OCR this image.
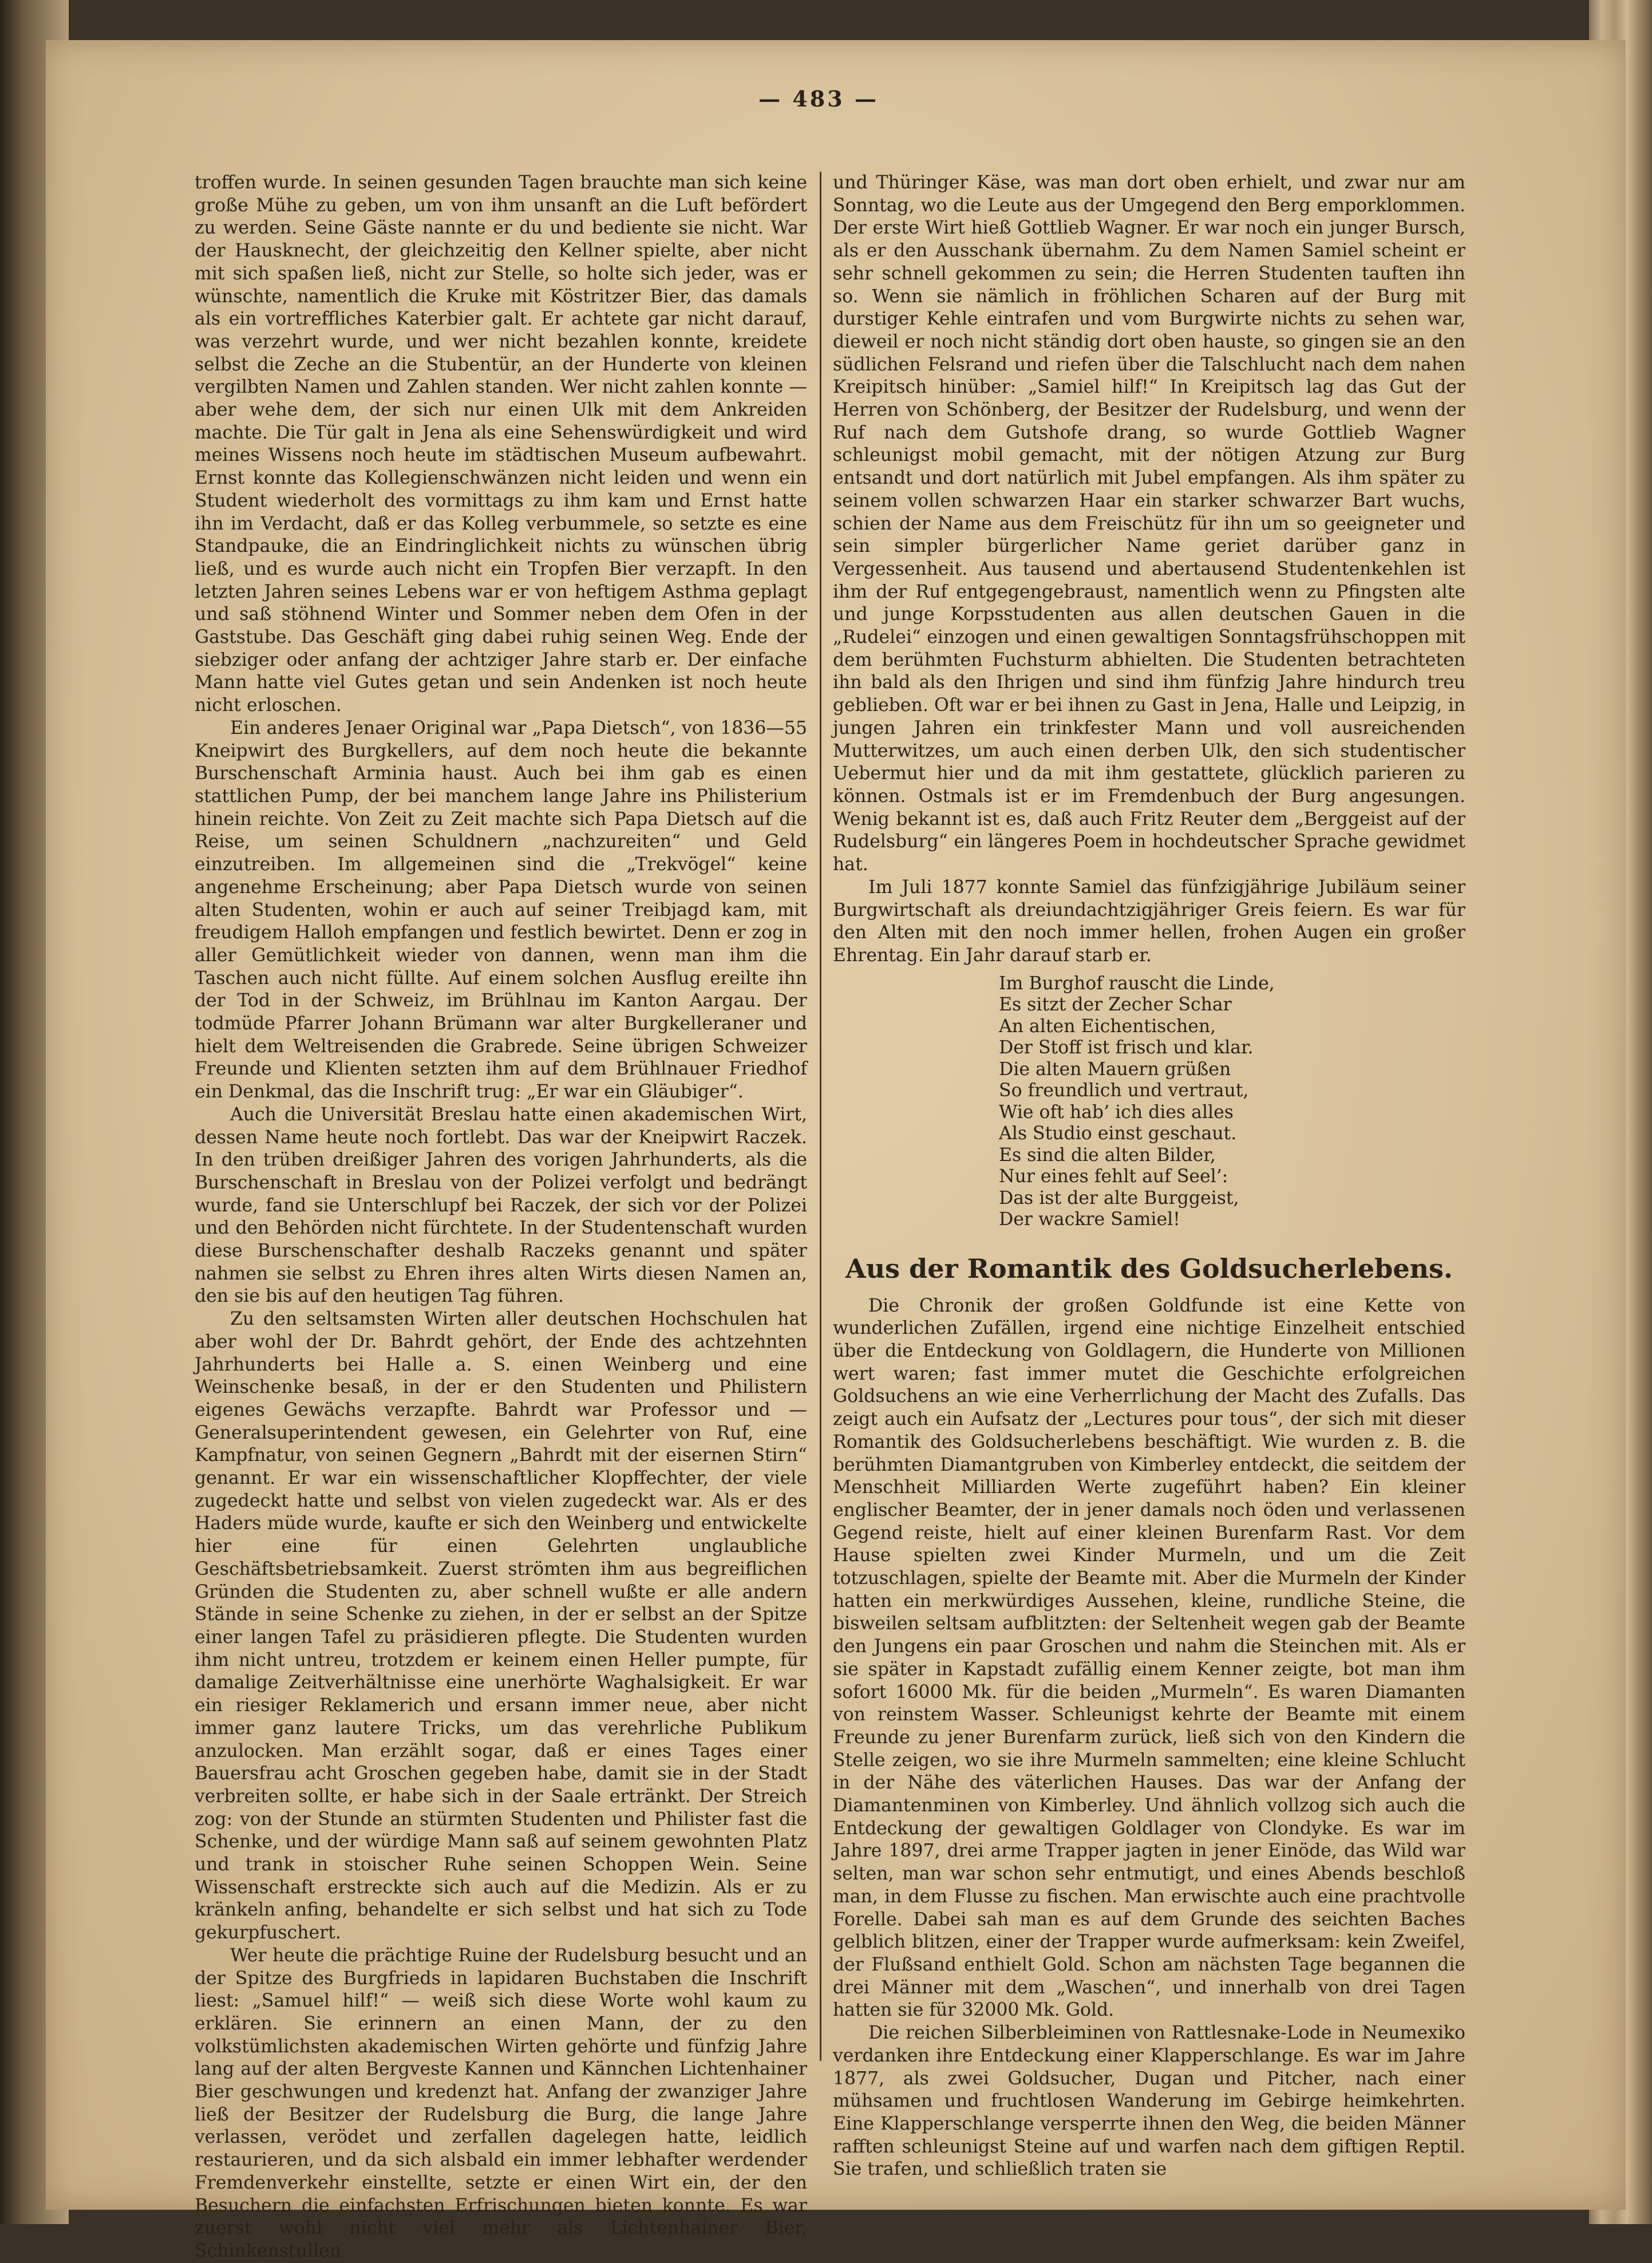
— 483 —

troffen wurde. In seinen gesunden Tagen brauchte man sich keine große Mühe zu geben, um von ihm unsanft an die Luft befördert zu werden. Seine Gäste nannte er du und bediente sie nicht. War der Hausknecht, der gleichzeitig den Kellner spielte, aber nicht mit sich spaßen ließ, nicht zur Stelle, so holte sich jeder, was er wünschte, namentlich die Kruke mit Köstritzer Bier, das damals als ein vortreffliches Katerbier galt. Er achtete gar nicht darauf, was verzehrt wurde, und wer nicht bezahlen konnte, kreidete selbst die Zeche an die Stubentür, an der Hunderte von kleinen vergilbten Namen und Zahlen standen. Wer nicht zahlen konnte — aber wehe dem, der sich nur einen Ulk mit dem Ankreiden machte. Die Tür galt in Jena als eine Sehenswürdigkeit und wird meines Wissens noch heute im städtischen Museum aufbewahrt. Ernst konnte das Kollegienschwänzen nicht leiden und wenn ein Student wiederholt des vormittags zu ihm kam und Ernst hatte ihn im Verdacht, daß er das Kolleg verbummele, so setzte es eine Standpauke, die an Eindringlichkeit nichts zu wünschen übrig ließ, und es wurde auch nicht ein Tropfen Bier verzapft. In den letzten Jahren seines Lebens war er von heftigem Asthma geplagt und saß stöhnend Winter und Sommer neben dem Ofen in der Gaststube. Das Geschäft ging dabei ruhig seinen Weg. Ende der siebziger oder anfang der achtziger Jahre starb er. Der einfache Mann hatte viel Gutes getan und sein Andenken ist noch heute nicht erloschen.

Ein anderes Jenaer Original war „Papa Dietsch“, von 1836—55 Kneipwirt des Burgkellers, auf dem noch heute die bekannte Burschenschaft Arminia haust. Auch bei ihm gab es einen stattlichen Pump, der bei manchem lange Jahre ins Philisterium hinein reichte. Von Zeit zu Zeit machte sich Papa Dietsch auf die Reise, um seinen Schuldnern „nachzureiten“ und Geld einzutreiben. Im allgemeinen sind die „Trekvögel“ keine angenehme Erscheinung; aber Papa Dietsch wurde von seinen alten Studenten, wohin er auch auf seiner Treibjagd kam, mit freudigem Halloh empfangen und festlich bewirtet. Denn er zog in aller Gemütlichkeit wieder von dannen, wenn man ihm die Taschen auch nicht füllte. Auf einem solchen Ausflug ereilte ihn der Tod in der Schweiz, im Brühlnau im Kanton Aargau. Der todmüde Pfarrer Johann Brümann war alter Burgkelleraner und hielt dem Weltreisenden die Grabrede. Seine übrigen Schweizer Freunde und Klienten setzten ihm auf dem Brühlnauer Friedhof ein Denkmal, das die Inschrift trug: „Er war ein Gläubiger“.

Auch die Universität Breslau hatte einen akademischen Wirt, dessen Name heute noch fortlebt. Das war der Kneipwirt Raczek. In den trüben dreißiger Jahren des vorigen Jahrhunderts, als die Burschenschaft in Breslau von der Polizei verfolgt und bedrängt wurde, fand sie Unterschlupf bei Raczek, der sich vor der Polizei und den Behörden nicht fürchtete. In der Studentenschaft wurden diese Burschenschafter deshalb Raczeks genannt und später nahmen sie selbst zu Ehren ihres alten Wirts diesen Namen an, den sie bis auf den heutigen Tag führen.

Zu den seltsamsten Wirten aller deutschen Hochschulen hat aber wohl der Dr. Bahrdt gehört, der Ende des achtzehnten Jahrhunderts bei Halle a. S. einen Weinberg und eine Weinschenke besaß, in der er den Studenten und Philistern eigenes Gewächs verzapfte. Bahrdt war Professor und — Generalsuperintendent gewesen, ein Gelehrter von Ruf, eine Kampfnatur, von seinen Gegnern „Bahrdt mit der eisernen Stirn“ genannt. Er war ein wissenschaftlicher Klopffechter, der viele zugedeckt hatte und selbst von vielen zugedeckt war. Als er des Haders müde wurde, kaufte er sich den Weinberg und entwickelte hier eine für einen Gelehrten unglaubliche Geschäftsbetriebsamkeit. Zuerst strömten ihm aus begreiflichen Gründen die Studenten zu, aber schnell wußte er alle andern Stände in seine Schenke zu ziehen, in der er selbst an der Spitze einer langen Tafel zu präsidieren pflegte. Die Studenten wurden ihm nicht untreu, trotzdem er keinem einen Heller pumpte, für damalige Zeitverhältnisse eine unerhörte Waghalsigkeit. Er war ein riesiger Reklamerich und ersann immer neue, aber nicht immer ganz lautere Tricks, um das verehrliche Publikum anzulocken. Man erzählt sogar, daß er eines Tages einer Bauersfrau acht Groschen gegeben habe, damit sie in der Stadt verbreiten sollte, er habe sich in der Saale ertränkt. Der Streich zog: von der Stunde an stürmten Studenten und Philister fast die Schenke, und der würdige Mann saß auf seinem gewohnten Platz und trank in stoischer Ruhe seinen Schoppen Wein. Seine Wissenschaft erstreckte sich auch auf die Medizin. Als er zu kränkeln anfing, behandelte er sich selbst und hat sich zu Tode gekurpfuschert.

Wer heute die prächtige Ruine der Rudelsburg besucht und an der Spitze des Burgfrieds in lapidaren Buchstaben die Inschrift liest: „Samuel hilf!“ — weiß sich diese Worte wohl kaum zu erklären. Sie erinnern an einen Mann, der zu den volkstümlichsten akademischen Wirten gehörte und fünfzig Jahre lang auf der alten Bergveste Kannen und Kännchen Lichtenhainer Bier geschwungen und kredenzt hat. Anfang der zwanziger Jahre ließ der Besitzer der Rudelsburg die Burg, die lange Jahre verlassen, verödet und zerfallen dagelegen hatte, leidlich restaurieren, und da sich alsbald ein immer lebhafter werdender Fremdenverkehr einstellte, setzte er einen Wirt ein, der den Besuchern die einfachsten Erfrischungen bieten konnte. Es war zuerst wohl nicht viel mehr als Lichtenhainer Bier, Schinkenstullen

und Thüringer Käse, was man dort oben erhielt, und zwar nur am Sonntag, wo die Leute aus der Umgegend den Berg emporklommen. Der erste Wirt hieß Gottlieb Wagner. Er war noch ein junger Bursch, als er den Ausschank übernahm. Zu dem Namen Samiel scheint er sehr schnell gekommen zu sein; die Herren Studenten tauften ihn so. Wenn sie nämlich in fröhlichen Scharen auf der Burg mit durstiger Kehle eintrafen und vom Burgwirte nichts zu sehen war, dieweil er noch nicht ständig dort oben hauste, so gingen sie an den südlichen Felsrand und riefen über die Talschlucht nach dem nahen Kreipitsch hinüber: „Samiel hilf!“ In Kreipitsch lag das Gut der Herren von Schönberg, der Besitzer der Rudelsburg, und wenn der Ruf nach dem Gutshofe drang, so wurde Gottlieb Wagner schleunigst mobil gemacht, mit der nötigen Atzung zur Burg entsandt und dort natürlich mit Jubel empfangen. Als ihm später zu seinem vollen schwarzen Haar ein starker schwarzer Bart wuchs, schien der Name aus dem Freischütz für ihn um so geeigneter und sein simpler bürgerlicher Name geriet darüber ganz in Vergessenheit. Aus tausend und abertausend Studentenkehlen ist ihm der Ruf entgegengebraust, namentlich wenn zu Pfingsten alte und junge Korpsstudenten aus allen deutschen Gauen in die „Rudelei“ einzogen und einen gewaltigen Sonntagsfrühschoppen mit dem berühmten Fuchsturm abhielten. Die Studenten betrachteten ihn bald als den Ihrigen und sind ihm fünfzig Jahre hindurch treu geblieben. Oft war er bei ihnen zu Gast in Jena, Halle und Leipzig, in jungen Jahren ein trinkfester Mann und voll ausreichenden Mutterwitzes, um auch einen derben Ulk, den sich studentischer Uebermut hier und da mit ihm gestattete, glücklich parieren zu können. Ostmals ist er im Fremdenbuch der Burg angesungen. Wenig bekannt ist es, daß auch Fritz Reuter dem „Berggeist auf der Rudelsburg“ ein längeres Poem in hochdeutscher Sprache gewidmet hat.

Im Juli 1877 konnte Samiel das fünfzigjährige Jubiläum seiner Burgwirtschaft als dreiundachtzigjähriger Greis feiern. Es war für den Alten mit den noch immer hellen, frohen Augen ein großer Ehrentag. Ein Jahr darauf starb er.

Im Burghof rauscht die Linde,
Es sitzt der Zecher Schar
An alten Eichentischen,
Der Stoff ist frisch und klar.
Die alten Mauern grüßen
So freundlich und vertraut,
Wie oft hab’ ich dies alles
Als Studio einst geschaut.
Es sind die alten Bilder,
Nur eines fehlt auf Seel’:
Das ist der alte Burggeist,
Der wackre Samiel!
Aus der Romantik des Goldsucherlebens.

Die Chronik der großen Goldfunde ist eine Kette von wunderlichen Zufällen, irgend eine nichtige Einzelheit entschied über die Entdeckung von Goldlagern, die Hunderte von Millionen wert waren; fast immer mutet die Geschichte erfolgreichen Goldsuchens an wie eine Verherrlichung der Macht des Zufalls. Das zeigt auch ein Aufsatz der „Lectures pour tous“, der sich mit dieser Romantik des Goldsucherlebens beschäftigt. Wie wurden z. B. die berühmten Diamantgruben von Kimberley entdeckt, die seitdem der Menschheit Milliarden Werte zugeführt haben? Ein kleiner englischer Beamter, der in jener damals noch öden und verlassenen Gegend reiste, hielt auf einer kleinen Burenfarm Rast. Vor dem Hause spielten zwei Kinder Murmeln, und um die Zeit totzuschlagen, spielte der Beamte mit. Aber die Murmeln der Kinder hatten ein merkwürdiges Aussehen, kleine, rundliche Steine, die bisweilen seltsam aufblitzten: der Seltenheit wegen gab der Beamte den Jungens ein paar Groschen und nahm die Steinchen mit. Als er sie später in Kapstadt zufällig einem Kenner zeigte, bot man ihm sofort 16000 Mk. für die beiden „Murmeln“. Es waren Diamanten von reinstem Wasser. Schleunigst kehrte der Beamte mit einem Freunde zu jener Burenfarm zurück, ließ sich von den Kindern die Stelle zeigen, wo sie ihre Murmeln sammelten; eine kleine Schlucht in der Nähe des väterlichen Hauses. Das war der Anfang der Diamantenminen von Kimberley. Und ähnlich vollzog sich auch die Entdeckung der gewaltigen Goldlager von Clondyke. Es war im Jahre 1897, drei arme Trapper jagten in jener Einöde, das Wild war selten, man war schon sehr entmutigt, und eines Abends beschloß man, in dem Flusse zu fischen. Man erwischte auch eine prachtvolle Forelle. Dabei sah man es auf dem Grunde des seichten Baches gelblich blitzen, einer der Trapper wurde aufmerksam: kein Zweifel, der Flußsand enthielt Gold. Schon am nächsten Tage begannen die drei Männer mit dem „Waschen“, und innerhalb von drei Tagen hatten sie für 32000 Mk. Gold.

Die reichen Silberbleiminen von Rattlesnake-Lode in Neumexiko verdanken ihre Entdeckung einer Klapperschlange. Es war im Jahre 1877, als zwei Goldsucher, Dugan und Pitcher, nach einer mühsamen und fruchtlosen Wanderung im Gebirge heimkehrten. Eine Klapperschlange versperrte ihnen den Weg, die beiden Männer rafften schleunigst Steine auf und warfen nach dem giftigen Reptil. Sie trafen, und schließlich traten sie
